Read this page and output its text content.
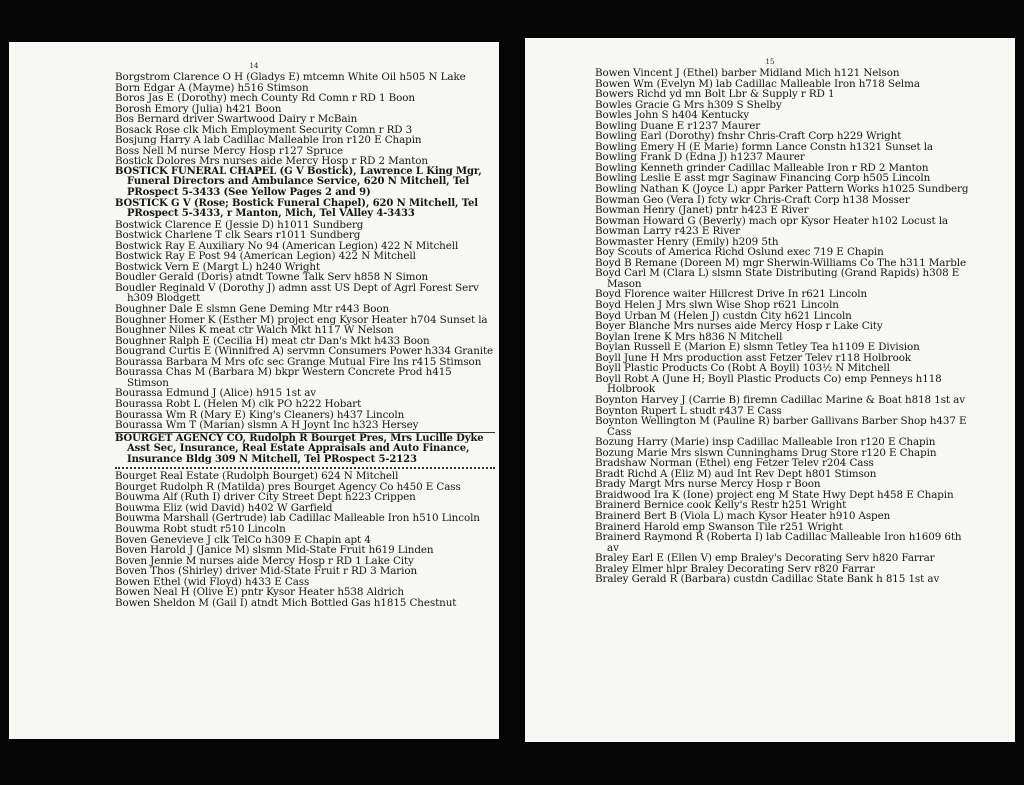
14
Borgstrom Clarence O H (Gladys E) mtcemn White Oil h505 N Lake
Born Edgar A (Mayme) h516 Stimson
Boros Jas E (Dorothy) mech County Rd Comn r RD 1 Boon
Borosh Emory (Julia) h421 Boon
Bos Bernard driver Swartwood Dairy r McBain
Bosack Rose clk Mich Employment Security Comn r RD 3
Bosjung Harry A lab Cadillac Malleable Iron r120 E Chapin
Boss Nell M nurse Mercy Hosp r127 Spruce
Bostick Dolores Mrs nurses aide Mercy Hosp r RD 2 Manton
BOSTICK FUNERAL CHAPEL (G V Bostick), Lawrence L King Mgr, Funeral Directors and Ambulance Service, 620 N Mitchell, Tel PRospect 5-3433 (See Yellow Pages 2 and 9)
BOSTICK G V (Rose; Bostick Funeral Chapel), 620 N Mitchell, Tel PRospect 5-3433, r Manton, Mich, Tel VAlley 4-3433
Bostwick Clarence E (Jessie D) h1011 Sundberg
Bostwick Charlene T clk Sears r1011 Sundberg
Bostwick Ray E Auxiliary No 94 (American Legion) 422 N Mitchell
Bostwick Ray E Post 94 (American Legion) 422 N Mitchell
Bostwick Vern E (Margt L) h240 Wright
Boudler Gerald (Doris) atndt Towne Talk Serv h858 N Simon
Boudler Reginald V (Dorothy J) admn asst US Dept of Agrl Forest Serv h309 Blodgett
Boughner Dale E slsmn Gene Deming Mtr r443 Boon
Boughner Homer K (Esther M) project eng Kysor Heater h704 Sunset la
Boughner Niles K meat ctr Walch Mkt h117 W Nelson
Boughner Ralph E (Cecilia H) meat ctr Dan's Mkt h433 Boon
Bougrand Curtis E (Winnifred A) servmn Consumers Power h334 Granite
Bourassa Barbara M Mrs ofc sec Grange Mutual Fire Ins r415 Stimson
Bourassa Chas M (Barbara M) bkpr Western Concrete Prod h415 Stimson
Bourassa Edmund J (Alice) h915 1st av
Bourassa Robt L (Helen M) clk PO h222 Hobart
Bourassa Wm R (Mary E) King's Cleaners) h437 Lincoln
Bourassa Wm T (Marian) slsmn A H Joynt Inc h323 Hersey
BOURGET AGENCY CO, Rudolph R Bourget Pres, Mrs Lucille Dyke Asst Sec, Insurance, Real Estate Appraisals and Auto Finance, Insurance Bldg 309 N Mitchell, Tel PRospect 5-2123
Bourget Real Estate (Rudolph Bourget) 624 N Mitchell
Bourget Rudolph R (Matilda) pres Bourget Agency Co h450 E Cass
Bouwma Alf (Ruth I) driver City Street Dept h223 Crippen
Bouwma Eliz (wid David) h402 W Garfield
Bouwma Marshall (Gertrude) lab Cadillac Malleable Iron h510 Lincoln
Bouwma Robt studt r510 Lincoln
Boven Genevieve J clk TelCo h309 E Chapin apt 4
Boven Harold J (Janice M) slsmn Mid-State Fruit h619 Linden
Boven Jennie M nurses aide Mercy Hosp r RD 1 Lake City
Boven Thos (Shirley) driver Mid-State Fruit r RD 3 Marion
Bowen Ethel (wid Floyd) h433 E Cass
Bowen Neal H (Olive E) pntr Kysor Heater h538 Aldrich
Bowen Sheldon M (Gail I) atndt Mich Bottled Gas h1815 Chestnut
15
Bowen Vincent J (Ethel) barber Midland Mich h121 Nelson
Bowen Wm (Evelyn M) lab Cadillac Malleable Iron h718 Selma
Bowers Richd yd mn Bolt Lbr & Supply r RD 1
Bowles Gracie G Mrs h309 S Shelby
Bowles John S h404 Kentucky
Bowling Duane E r1237 Maurer
Bowling Earl (Dorothy) fnshr Chris-Craft Corp h229 Wright
Bowling Emery H (E Marie) formn Lance Constn h1321 Sunset la
Bowling Frank D (Edna J) h1237 Maurer
Bowling Kenneth grinder Cadillac Malleable Iron r RD 2 Manton
Bowling Leslie E asst mgr Saginaw Financing Corp h505 Lincoln
Bowling Nathan K (Joyce L) appr Parker Pattern Works h1025 Sundberg
Bowman Geo (Vera I) fcty wkr Chris-Craft Corp h138 Mosser
Bowman Henry (Janet) pntr h423 E River
Bowman Howard G (Beverly) mach opr Kysor Heater h102 Locust la
Bowman Larry r423 E River
Bowmaster Henry (Emily) h209 5th
Boy Scouts of America Richd Oslund exec 719 E Chapin
Boyd B Remane (Doreen M) mgr Sherwin-Williams Co The h311 Marble
Boyd Carl M (Clara L) slsmn State Distributing (Grand Rapids) h308 E Mason
Boyd Florence waiter Hillcrest Drive In r621 Lincoln
Boyd Helen J Mrs slwn Wise Shop r621 Lincoln
Boyd Urban M (Helen J) custdn City h621 Lincoln
Boyer Blanche Mrs nurses aide Mercy Hosp r Lake City
Boylan Irene K Mrs h836 N Mitchell
Boylan Russell E (Marion E) slsmn Tetley Tea h1109 E Division
Boyll June H Mrs production asst Fetzer Telev r118 Holbrook
Boyll Plastic Products Co (Robt A Boyll) 103½ N Mitchell
Boyll Robt A (June H; Boyll Plastic Products Co) emp Penneys h118 Holbrook
Boynton Harvey J (Carrie B) firemn Cadillac Marine & Boat h818 1st av
Boynton Rupert L studt r437 E Cass
Boynton Wellington M (Pauline R) barber Gallivans Barber Shop h437 E Cass
Bozung Harry (Marie) insp Cadillac Malleable Iron r120 E Chapin
Bozung Marie Mrs slswn Cunninghams Drug Store r120 E Chapin
Bradshaw Norman (Ethel) eng Fetzer Telev r204 Cass
Bradt Richd A (Eliz M) aud Int Rev Dept h801 Stimson
Brady Margt Mrs nurse Mercy Hosp r Boon
Braidwood Ira K (Ione) project eng M State Hwy Dept h458 E Chapin
Brainerd Bernice cook Kelly's Restr h251 Wright
Brainerd Bert B (Viola L) mach Kysor Heater h910 Aspen
Brainerd Harold emp Swanson Tile r251 Wright
Brainerd Raymond R (Roberta I) lab Cadillac Malleable Iron h1609 6th av
Braley Earl E (Ellen V) emp Braley's Decorating Serv h820 Farrar
Braley Elmer hlpr Braley Decorating Serv r820 Farrar
Braley Gerald R (Barbara) custdn Cadillac State Bank h 815 1st av
